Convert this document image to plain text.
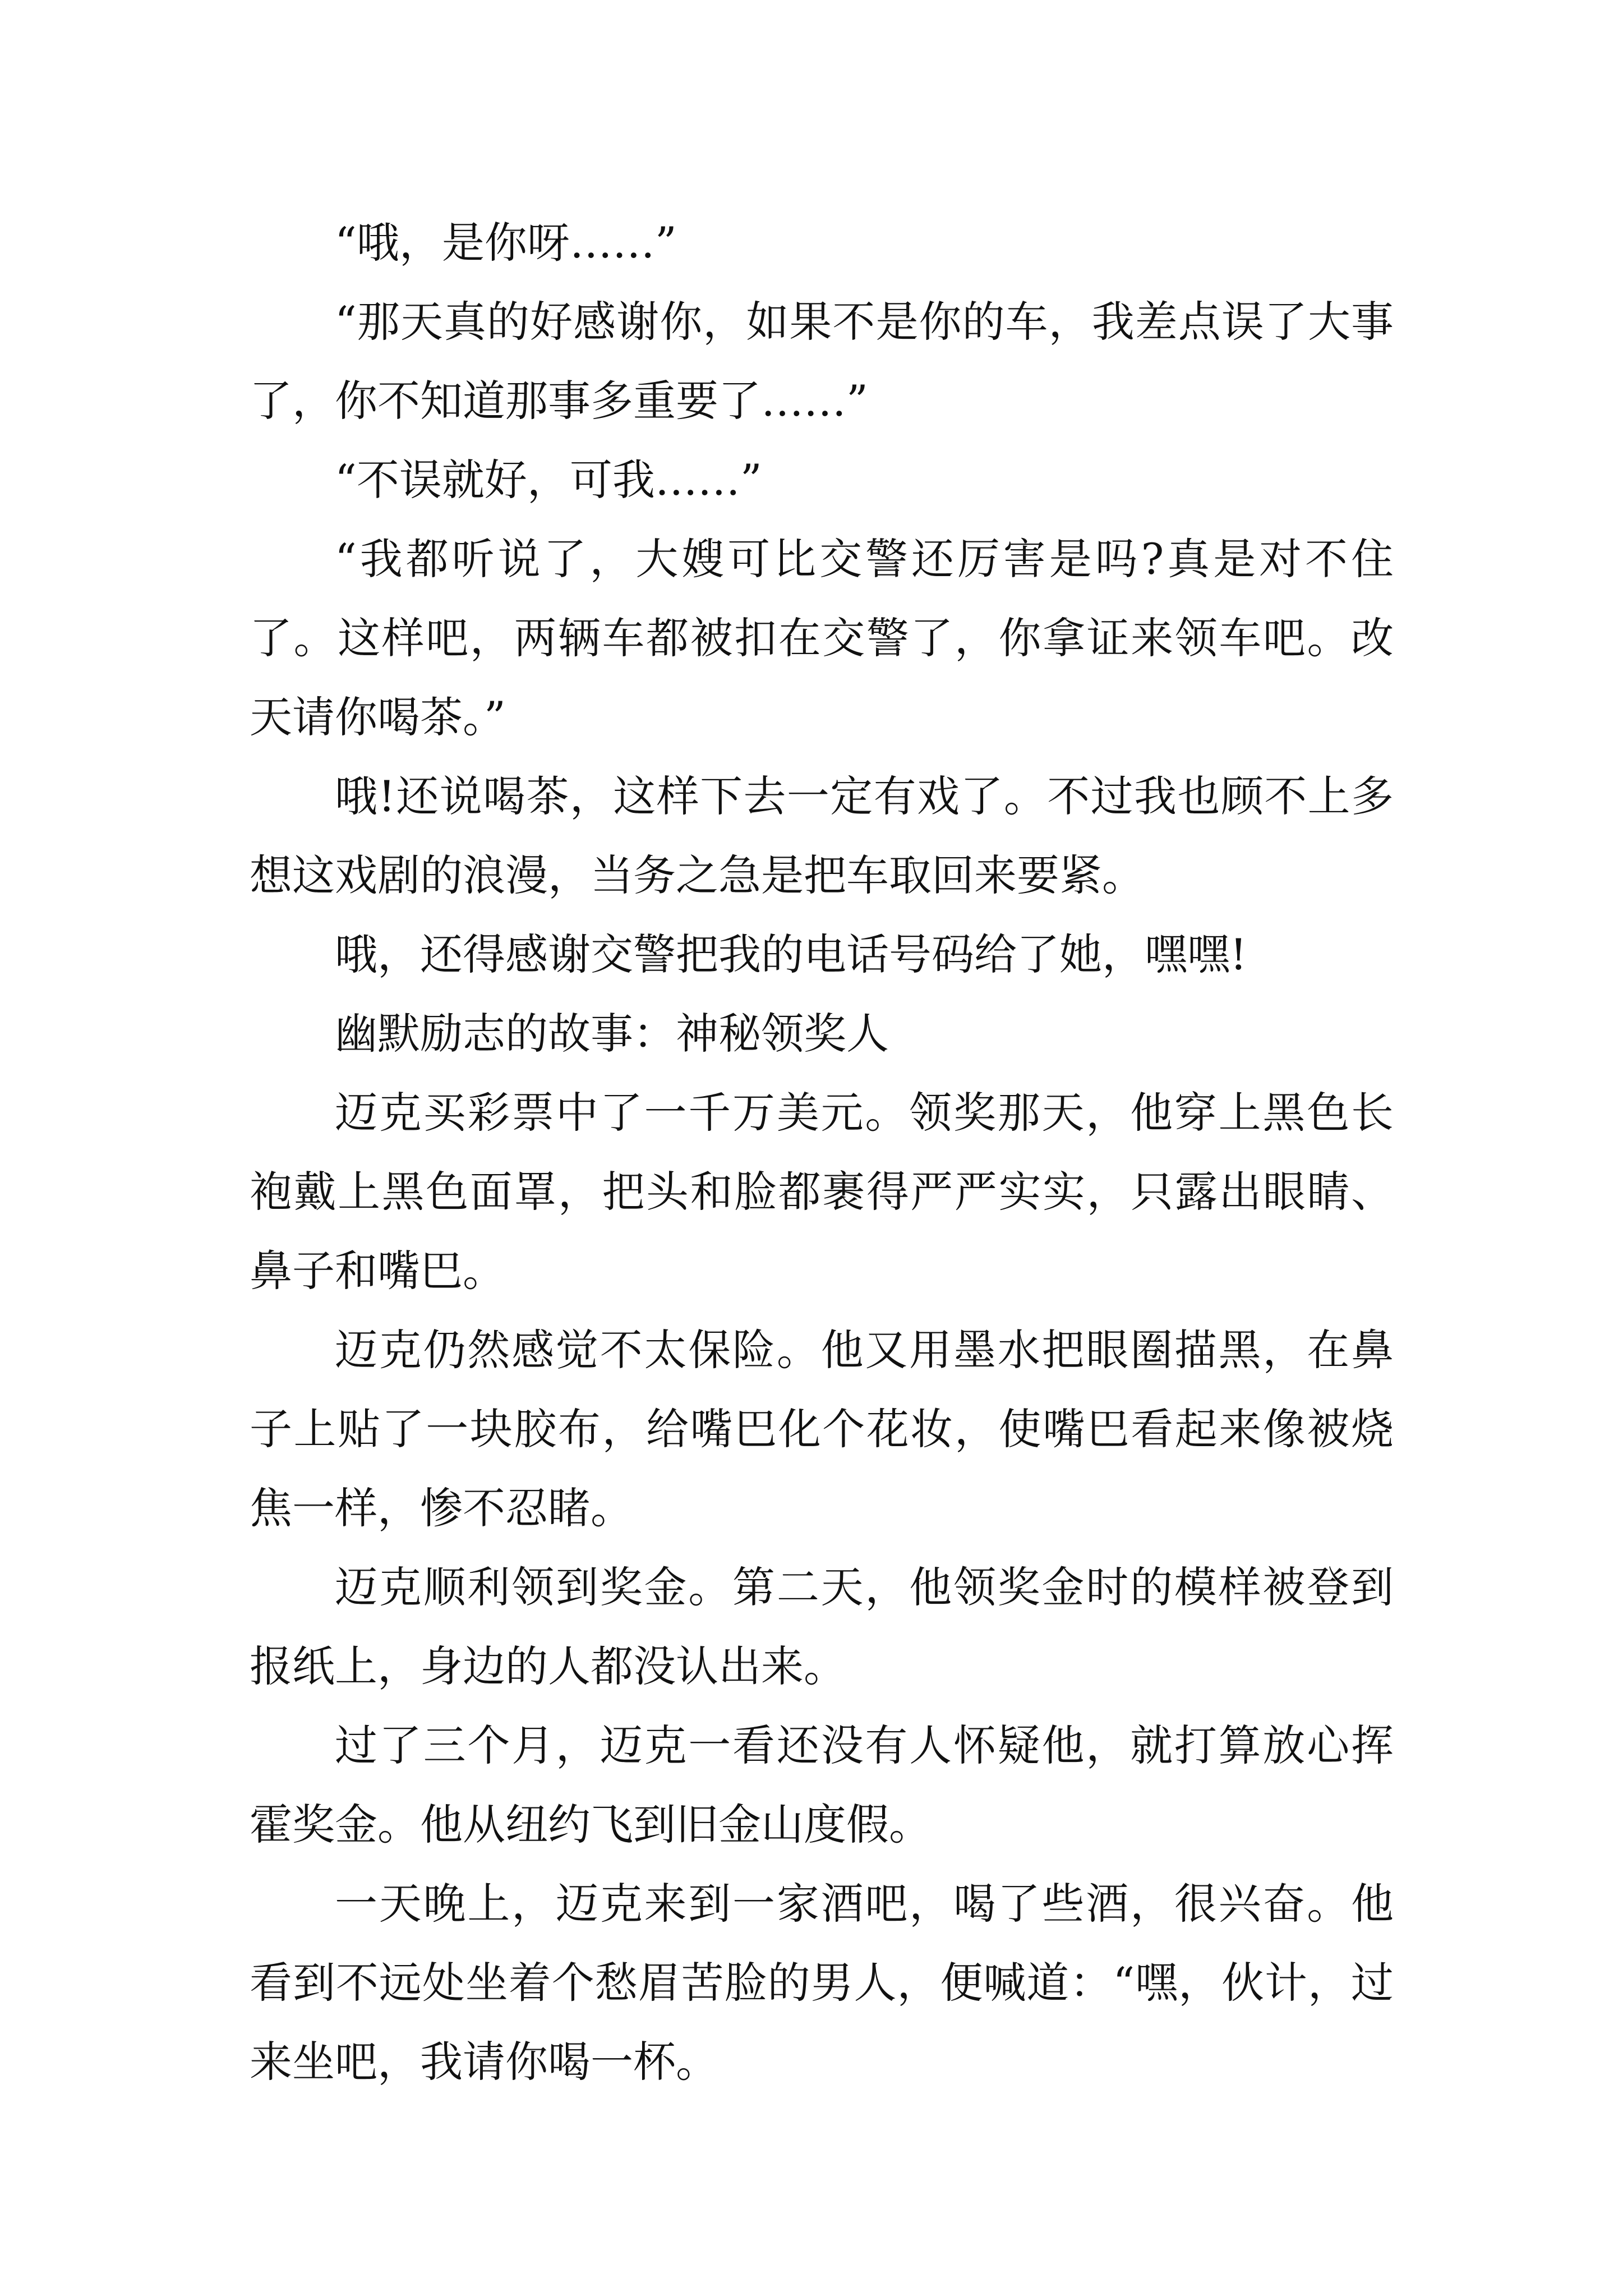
“哦，是你呀……”

“那天真的好感谢你，如果不是你的车，我差点误了大事了，你不知道那事多重要了……”

“不误就好，可我……”

“我都听说了，大嫂可比交警还厉害是吗?真是对不住了。这样吧，两辆车都被扣在交警了，你拿证来领车吧。改天请你喝茶。”

哦!还说喝茶，这样下去一定有戏了。不过我也顾不上多想这戏剧的浪漫，当务之急是把车取回来要紧。

哦，还得感谢交警把我的电话号码给了她，嘿嘿!

幽默励志的故事：神秘领奖人

迈克买彩票中了一千万美元。领奖那天，他穿上黑色长袍戴上黑色面罩，把头和脸都裹得严严实实，只露出眼睛、鼻子和嘴巴。

迈克仍然感觉不太保险。他又用墨水把眼圈描黑，在鼻子上贴了一块胶布，给嘴巴化个花妆，使嘴巴看起来像被烧焦一样，惨不忍睹。

迈克顺利领到奖金。第二天，他领奖金时的模样被登到报纸上，身边的人都没认出来。

过了三个月，迈克一看还没有人怀疑他，就打算放心挥霍奖金。他从纽约飞到旧金山度假。

一天晚上，迈克来到一家酒吧，喝了些酒，很兴奋。他看到不远处坐着个愁眉苦脸的男人，便喊道：“嘿，伙计，过来坐吧，我请你喝一杯。
